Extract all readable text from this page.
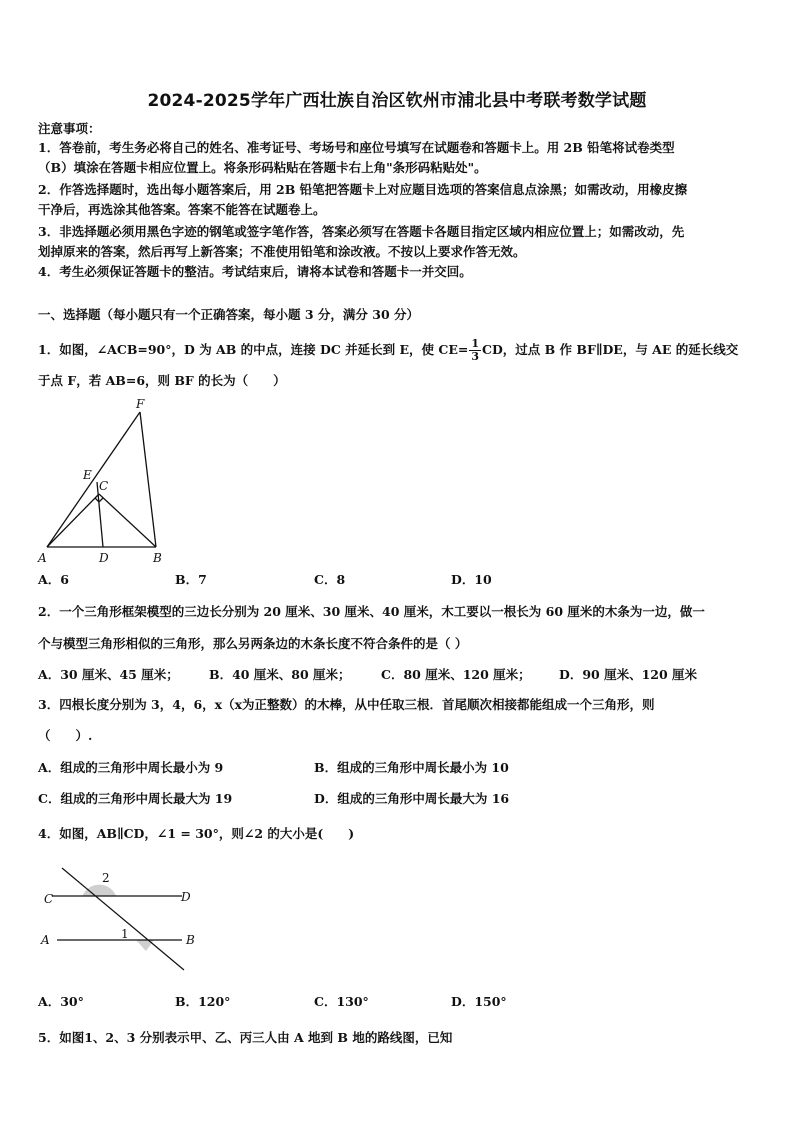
2024-2025学年广西壮族自治区钦州市浦北县中考联考数学试题
注意事项：
1．答卷前，考生务必将自己的姓名、准考证号、考场号和座位号填写在试题卷和答题卡上。用 2B 铅笔将试卷类型
（B）填涂在答题卡相应位置上。将条形码粘贴在答题卡右上角"条形码粘贴处"。
2．作答选择题时，选出每小题答案后，用 2B 铅笔把答题卡上对应题目选项的答案信息点涂黑；如需改动，用橡皮擦
干净后，再选涂其他答案。答案不能答在试题卷上。
3．非选择题必须用黑色字迹的钢笔或签字笔作答，答案必须写在答题卡各题目指定区域内相应位置上；如需改动，先
划掉原来的答案，然后再写上新答案；不准使用铅笔和涂改液。不按以上要求作答无效。
4．考生必须保证答题卡的整洁。考试结束后，请将本试卷和答题卡一并交回。
一、选择题（每小题只有一个正确答案，每小题 3 分，满分 30 分）
1．如图，∠ACB=90°，D 为 AB 的中点，连接 DC 并延长到 E，使 $CE= \frac{1}{3}$ CD，过点 B 作 BF∥DE，与 AE 的延长线交
于点 F，若 AB=6，则 BF 的长为（　　）
F
E
C
A	D	B
A．6	B．7	C．8	D．10
2．一个三角形框架模型的三边长分别为 20 厘米、30 厘米、40 厘米，木工要以一根长为 60 厘米的木条为一边，做一
个与模型三角形相似的三角形，那么另两条边的木条长度不符合条件的是（ ）
A．30 厘米、45 厘米； B．40 厘米、80 厘米； C．80 厘米、120 厘米； D．90 厘米、120 厘米
3．四根长度分别为 3，4，6，x（x为正整数）的木棒，从中任取三根．首尾顺次相接都能组成一个三角形，则
（　　）.
A．组成的三角形中周长最小为 9	B．组成的三角形中周长最小为 10
C．组成的三角形中周长最大为 19	D．组成的三角形中周长最大为 16
4．如图，AB∥CD，∠1 = 30°，则∠2 的大小是(　　)
C	D
A	B
1
2
A．30°	B．120°	C．130°	D．150°
5．如图1、2、3 分别表示甲、乙、丙三人由 A 地到 B 地的路线图，已知
